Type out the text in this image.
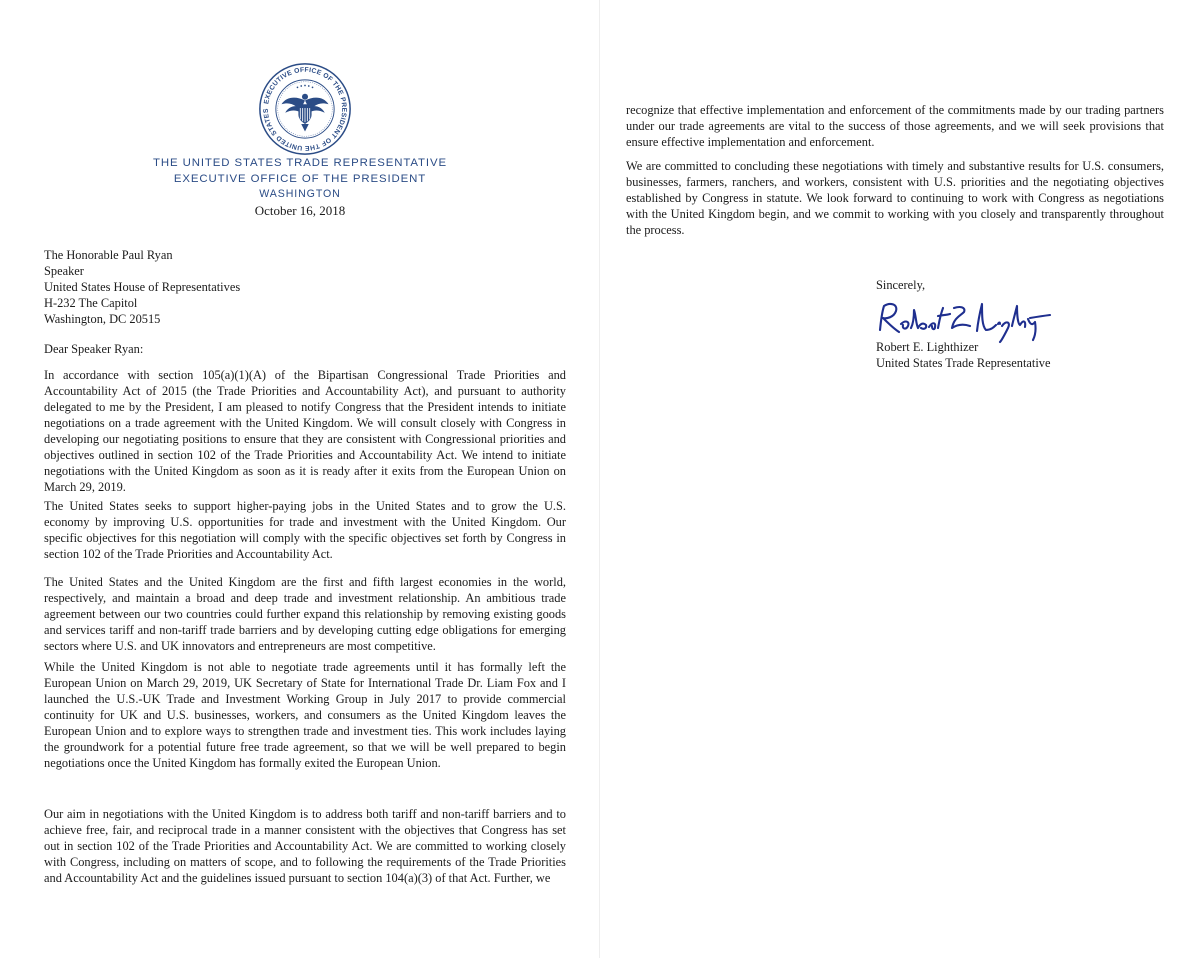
EXECUTIVE OFFICE OF THE PRESIDENT OF THE UNITED STATES
THE UNITED STATES TRADE REPRESENTATIVE
EXECUTIVE OFFICE OF THE PRESIDENT
WASHINGTON
October 16, 2018
The Honorable Paul Ryan
Speaker
United States House of Representatives
H-232 The Capitol
Washington, DC 20515
Dear Speaker Ryan:
In accordance with section 105(a)(1)(A) of the Bipartisan Congressional Trade Priorities and Accountability Act of 2015 (the Trade Priorities and Accountability Act), and pursuant to authority delegated to me by the President, I am pleased to notify Congress that the President intends to initiate negotiations on a trade agreement with the United Kingdom. We will consult closely with Congress in developing our negotiating positions to ensure that they are consistent with Congressional priorities and objectives outlined in section 102 of the Trade Priorities and Accountability Act. We intend to initiate negotiations with the United Kingdom as soon as it is ready after it exits from the European Union on March 29, 2019.
The United States seeks to support higher-paying jobs in the United States and to grow the U.S. economy by improving U.S. opportunities for trade and investment with the United Kingdom. Our specific objectives for this negotiation will comply with the specific objectives set forth by Congress in section 102 of the Trade Priorities and Accountability Act.
The United States and the United Kingdom are the first and fifth largest economies in the world, respectively, and maintain a broad and deep trade and investment relationship. An ambitious trade agreement between our two countries could further expand this relationship by removing existing goods and services tariff and non-tariff trade barriers and by developing cutting edge obligations for emerging sectors where U.S. and UK innovators and entrepreneurs are most competitive.
While the United Kingdom is not able to negotiate trade agreements until it has formally left the European Union on March 29, 2019, UK Secretary of State for International Trade Dr. Liam Fox and I launched the U.S.-UK Trade and Investment Working Group in July 2017 to provide commercial continuity for UK and U.S. businesses, workers, and consumers as the United Kingdom leaves the European Union and to explore ways to strengthen trade and investment ties. This work includes laying the groundwork for a potential future free trade agreement, so that we will be well prepared to begin negotiations once the United Kingdom has formally exited the European Union.
Our aim in negotiations with the United Kingdom is to address both tariff and non-tariff barriers and to achieve free, fair, and reciprocal trade in a manner consistent with the objectives that Congress has set out in section 102 of the Trade Priorities and Accountability Act. We are committed to working closely with Congress, including on matters of scope, and to following the requirements of the Trade Priorities and Accountability Act and the guidelines issued pursuant to section 104(a)(3) of that Act. Further, we
recognize that effective implementation and enforcement of the commitments made by our trading partners under our trade agreements are vital to the success of those agreements, and we will seek provisions that ensure effective implementation and enforcement.
We are committed to concluding these negotiations with timely and substantive results for U.S. consumers, businesses, farmers, ranchers, and workers, consistent with U.S. priorities and the negotiating objectives established by Congress in statute. We look forward to continuing to work with Congress as negotiations with the United Kingdom begin, and we commit to working with you closely and transparently throughout the process.
Sincerely,
Robert E. Lighthizer
United States Trade Representative
